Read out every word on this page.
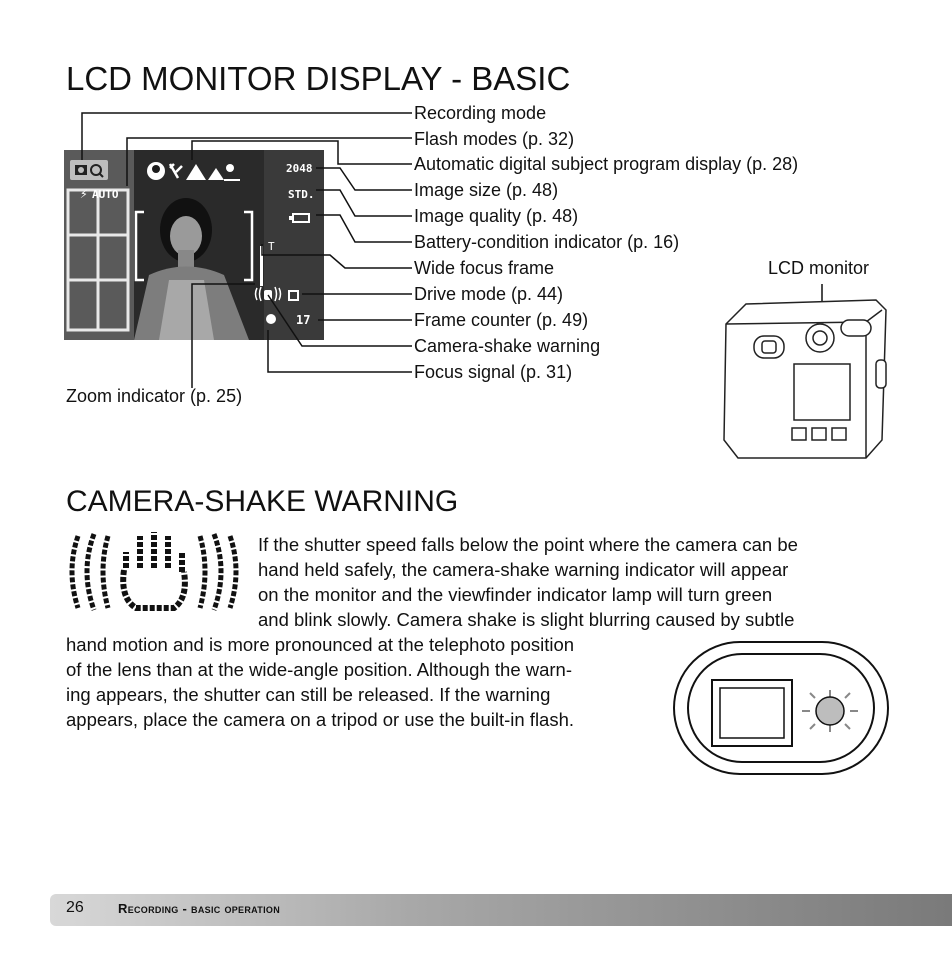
LCD MONITOR DISPLAY - BASIC
⚡ AUTO
2048
STD.
T
17
Recording mode
Flash modes (p. 32)
Automatic digital subject program display (p. 28)
Image size (p. 48)
Image quality (p. 48)
Battery-condition indicator (p. 16)
Wide focus frame
Drive mode (p. 44)
Frame counter (p. 49)
Camera-shake warning
Focus signal (p. 31)
Zoom indicator (p. 25)
LCD monitor
CAMERA-SHAKE WARNING

If the shutter speed falls below the point where the camera can be

hand held safely, the camera-shake warning indicator will appear

on the monitor and the viewfinder indicator lamp will turn green

and blink slowly. Camera shake is slight blurring caused by subtle

hand motion and is more pronounced at the telephoto position

of the lens than at the wide-angle position. Although the warn-

ing appears, the shutter can still be released. If the warning

appears, place the camera on a tripod or use the built-in flash.

26	Recording - basic operation
